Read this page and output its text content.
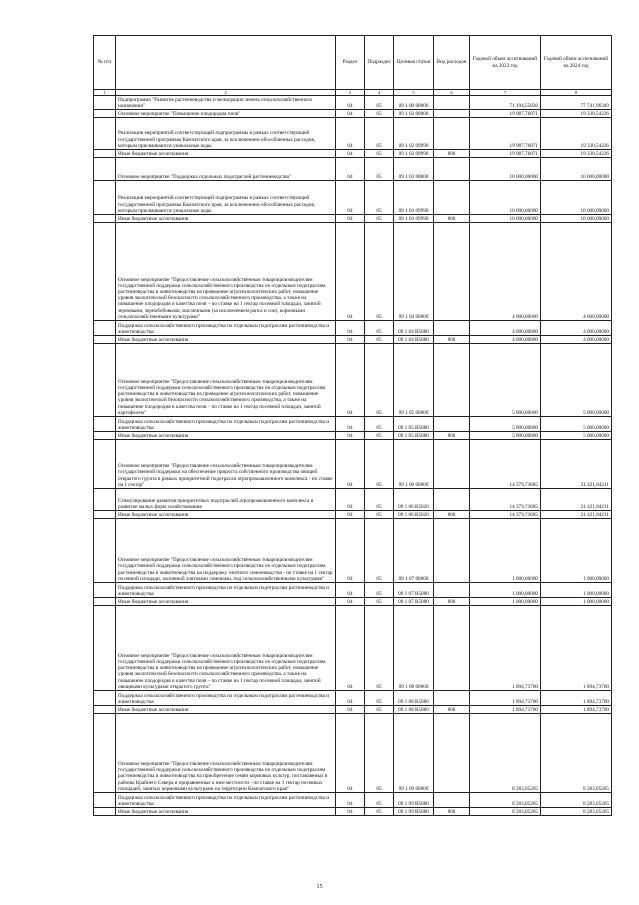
№ п/п		Раздел	Подраздел	Целевая статья	Вид расходов	Годовой объем ассигнований на 2023 год	Годовой объем ассигнований на 2024 год
1	2	3	4	5	6	7	8
	Подпрограмма "Развитие растениеводства и мелиорации земель сельскохозяйственного назначения"	04	05	09 1 00 00000		71 194,55836	77 741,96349
	Основное мероприятие "Повышение плодородия почв"	04	05	09 1 02 00000		19 987,76871	19 330,54226
	Реализация мероприятий соответствующей подпрограммы в рамках соответствующей государственной программы Камчатского края, за исключением обособленных расходов, которым присваиваются уникальные коды	04	05	09 1 02 09990		19 987,76871	19 330,54226
	Иные бюджетные ассигнования	04	05	09 1 02 09990	800	19 987,76871	19 330,54226
	Основное мероприятие "Поддержка отдельных подотраслей растениеводства"	04	05	09 1 03 00000		10 000,00000	10 000,00000
	Реализация мероприятий соответствующей подпрограммы в рамках соответствующей государственной программы Камчатского края, за исключением обособленных расходов, которым присваиваются уникальные коды	04	05	09 1 03 09990		10 000,00000	10 000,00000
	Иные бюджетные ассигнования	04	05	09 1 03 09990	800	10 000,00000	10 000,00000
	Основное мероприятие "Предоставление сельскохозяйственным товаропроизводителям государственной поддержки сельскохозяйственного производства по отдельным подотраслям растениеводства и животноводства на проведение агротехнологических работ, повышение уровня экологической безопасности сельскохозяйственного производства, а также на повышение плодородия и качества почв – по ставке на 1 гектар посевной площади, занятой зерновыми, зернобобовыми, масличными (за исключением рапса и сои), кормовыми сельскохозяйственными культурами"	04	05	09 1 04 00000		4 000,00000	4 000,00000
	Поддержка сельскохозяйственного производства по отдельным подотраслям растениеводства и животноводства	04	05	09 1 04 R5080		4 000,00000	4 000,00000
	Иные бюджетные ассигнования	04	05	09 1 04 R5080	800	4 000,00000	4 000,00000
	Основное мероприятие "Предоставление сельскохозяйственным товаропроизводителям государственной поддержки сельскохозяйственного производства по отдельным подотраслям растениеводства и животноводства на проведение агротехнологических работ, повышение уровня экологической безопасности сельскохозяйственного производства, а также на повышение плодородия и качества почв – по ставке на 1 гектар посевной площади, занятой картофелем"	04	05	09 1 05 00000		5 000,00000	5 000,00000
	Поддержка сельскохозяйственного производства по отдельным подотраслям растениеводства и животноводства	04	05	09 1 05 R5080		5 000,00000	5 000,00000
	Иные бюджетные ассигнования	04	05	09 1 05 R5080	800	5 000,00000	5 000,00000
	Основное мероприятие "Предоставление сельскохозяйственным товаропроизводителям государственной поддержки на обеспечение прироста собственного производства овощей открытого грунта в рамках приоритетной подотрасли агропромышленного комплекса - по ставке на 1 гектар"	04	05	09 1 06 00000		14 379,73685	21 421,84211
	Стимулирование развития приоритетных подотраслей агропромышленного комплекса и развитие малых форм хозяйствования	04	05	09 1 06 R5020		14 379,73685	21 421,84211
	Иные бюджетные ассигнования	04	05	09 1 06 R5020	800	14 379,73685	21 421,84211
	Основное мероприятие "Предоставление сельскохозяйственным товаропроизводителям государственной поддержки сельскохозяйственного производства по отдельным подотраслям растениеводства и животноводства на поддержку элитного семеноводства - по ставке на 1 гектар посевной площади, засеянной элитными семенами, под сельскохозяйственными культурами"	04	05	09 1 07 00000		1 000,00000	1 000,00000
	Поддержка сельскохозяйственного производства по отдельным подотраслям растениеводства и животноводства	04	05	09 1 07 R5080		1 000,00000	1 000,00000
	Иные бюджетные ассигнования	04	05	09 1 07 R5080	800	1 000,00000	1 000,00000
	Основное мероприятие "Предоставление сельскохозяйственным товаропроизводителям государственной поддержки сельскохозяйственного производства по отдельным подотраслям растениеводства и животноводства на проведение агротехнологических работ, повышение уровня экологической безопасности сельскохозяйственного производства, а также на повышение плодородия и качества почв – по ставке на 1 гектар посевной площади, занятой овощными культурами открытого грунта"	04	05	09 1 08 00000		1 894,73700	1 894,73700
	Поддержка сельскохозяйственного производства по отдельным подотраслям растениеводства и животноводства	04	05	09 1 08 R5080		1 894,73700	1 894,73700
	Иные бюджетные ассигнования	04	05	09 1 08 R5080	800	1 894,73700	1 894,73700
	Основное мероприятие "Предоставление сельскохозяйственным товаропроизводителям государственной поддержки сельскохозяйственного производства по отдельным подотраслям растениеводства и животноводства на приобретение семян кормовых культур, поставляемых в районы Крайнего Севера и приравненные к ним местности - по ставке на 1 гектар посевных площадей, занятых кормовыми культурами на территории Камчатского края"	04	05	09 1 09 00000		8 283,05265	8 283,05265
	Поддержка сельскохозяйственного производства по отдельным подотраслям растениеводства и животноводства	04	05	09 1 09 R5080		8 283,05265	8 283,05265
	Иные бюджетные ассигнования	04	05	09 1 09 R5080	800	8 283,05265	8 283,05265
15
